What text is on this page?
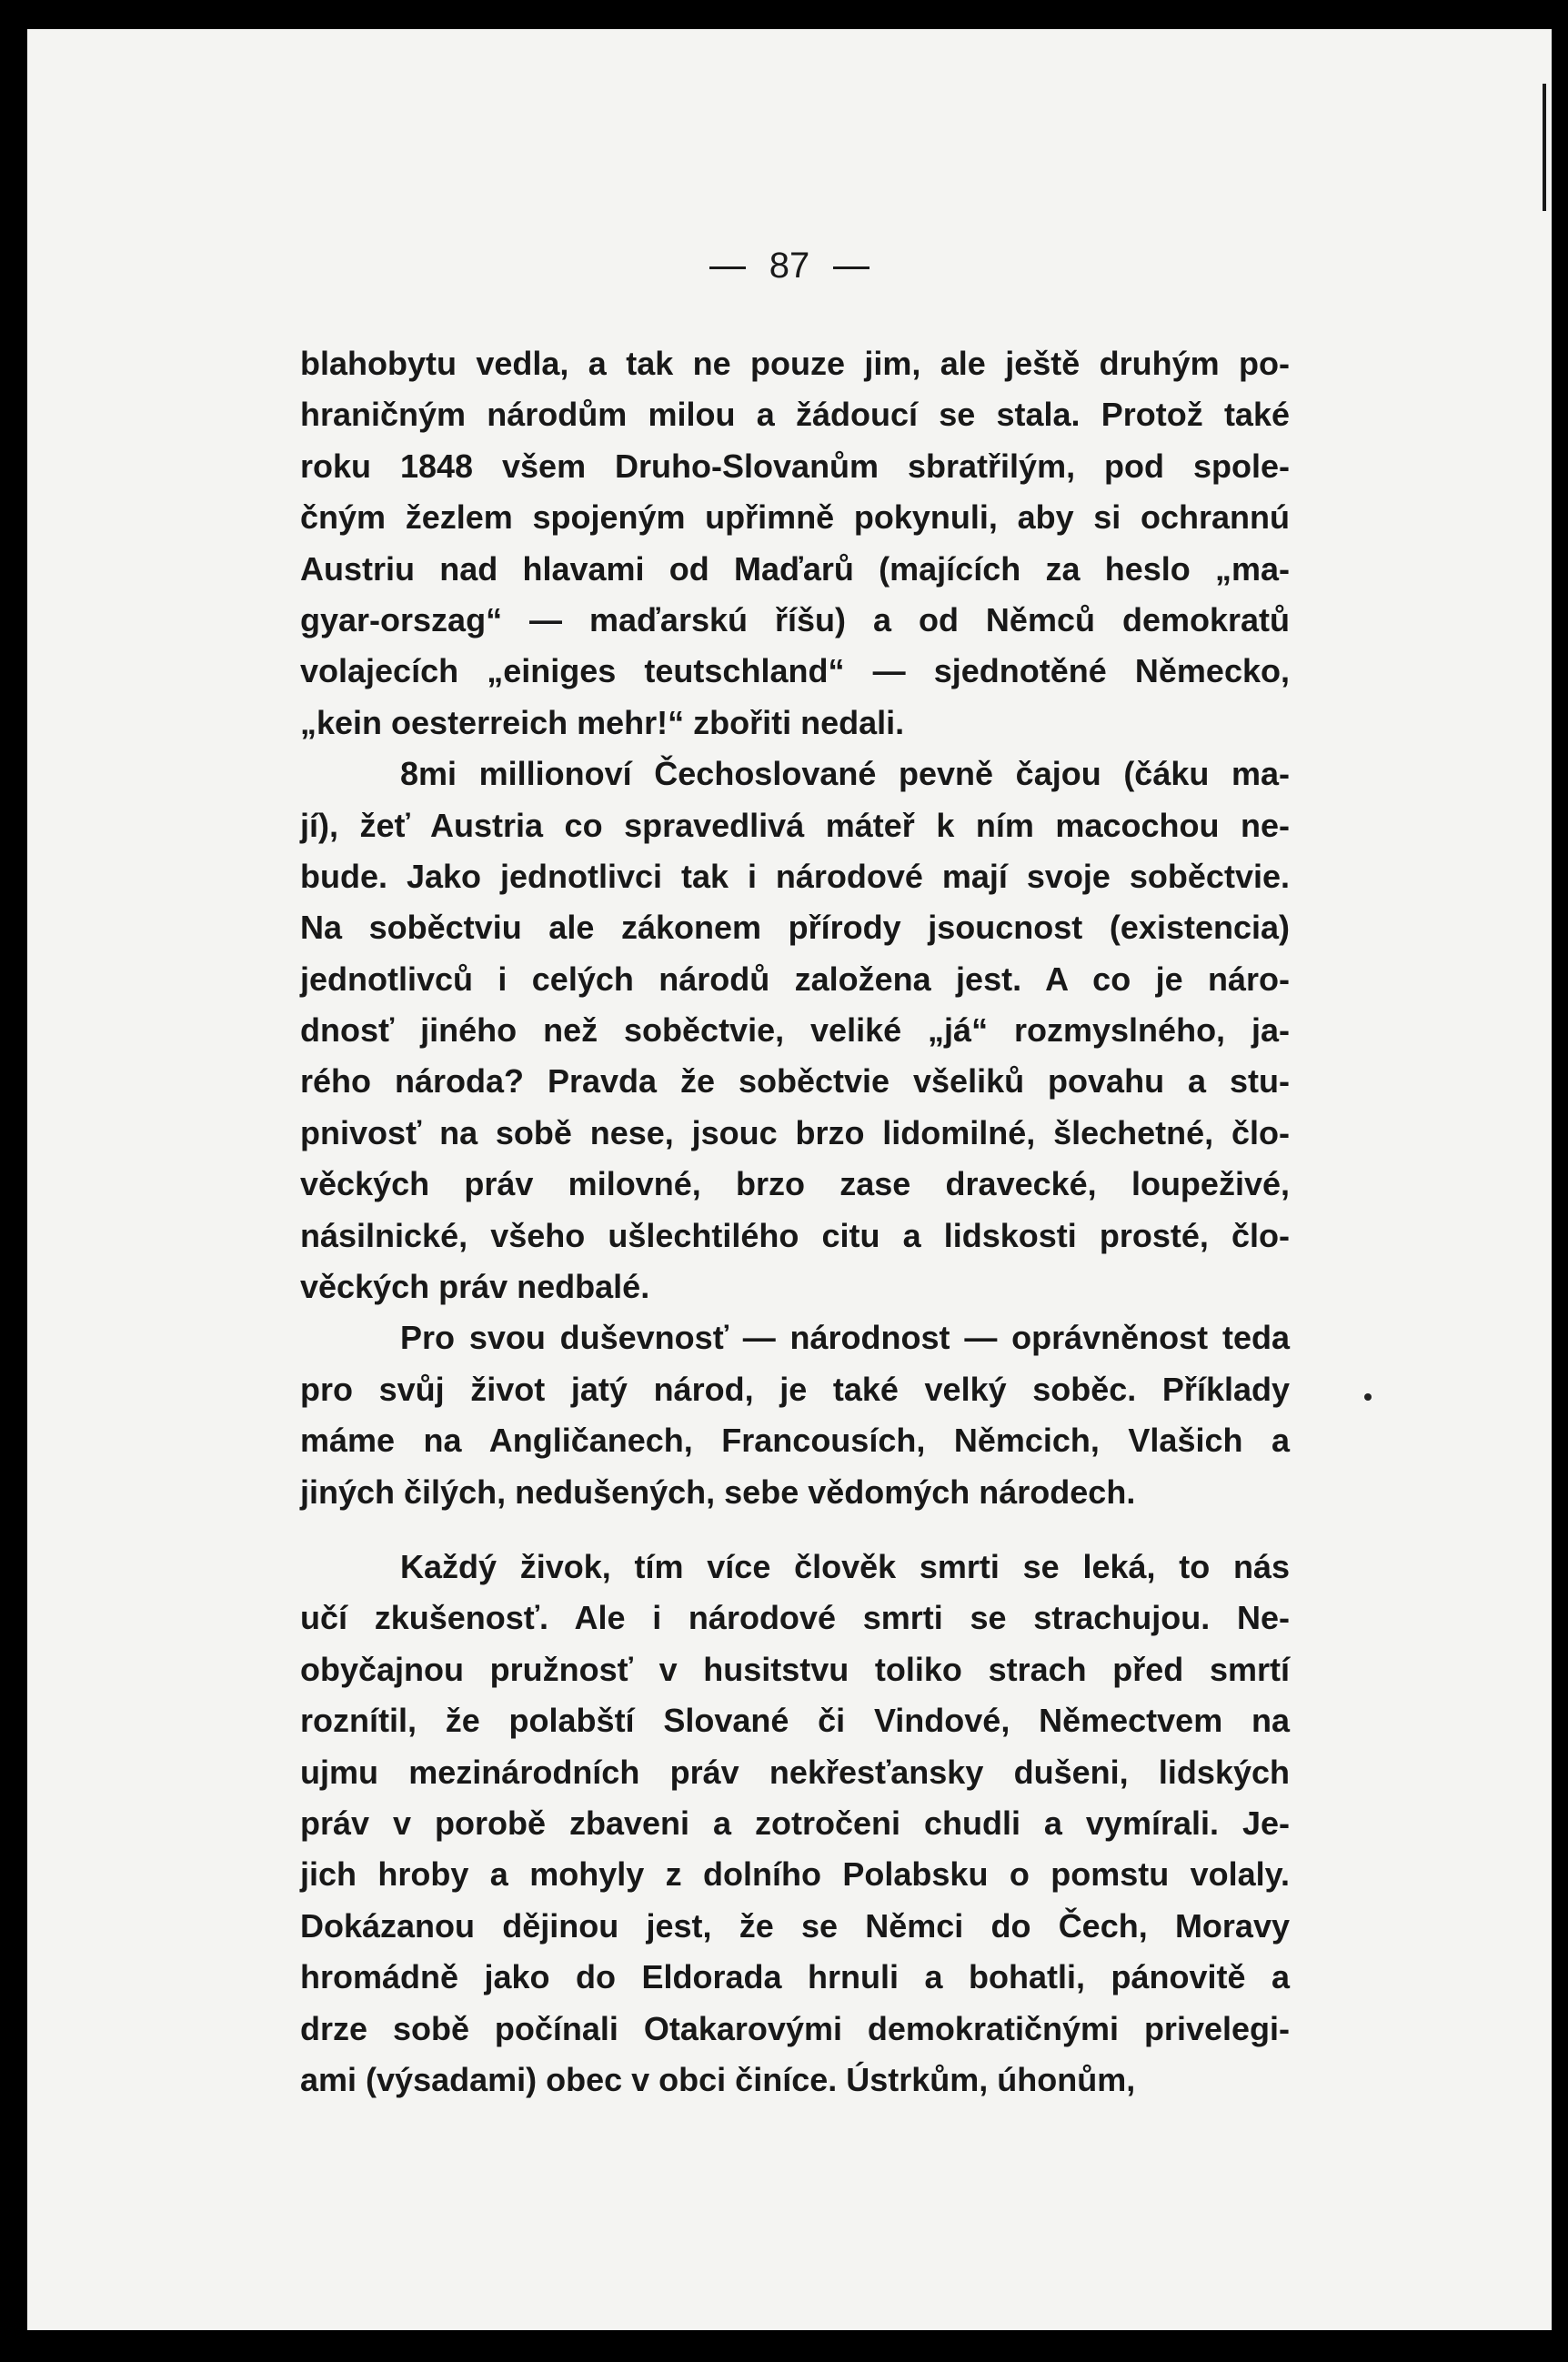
87
blahobytu vedla, a tak ne pouze jim, ale ještě druhým po-
hraničným národům milou a žádoucí se stala. Protož také
roku 1848 všem Druho-Slovanům sbratřilým, pod spole-
čným žezlem spojeným upřimně pokynuli, aby si ochrannú
Austriu nad hlavami od Maďarů (majících za heslo „ma-
gyar-orszag“ — maďarskú říšu) a od Němců demokratů
volajecích „einiges teutschland“ — sjednotěné Německo,
„kein oesterreich mehr!“ zbořiti nedali.
8mi millionoví Čechoslované pevně čajou (čáku ma-
jí), žeť Austria co spravedlivá máteř k ním macochou ne-
bude. Jako jednotlivci tak i národové mají svoje soběctvie.
Na soběctviu ale zákonem přírody jsoucnost (existencia)
jednotlivců i celých národů založena jest. A co je náro-
dnosť jiného než soběctvie, veliké „já“ rozmyslného, ja-
rého národa? Pravda že soběctvie všeliků povahu a stu-
pnivosť na sobě nese, jsouc brzo lidomilné, šlechetné, člo-
věckých práv milovné, brzo zase dravecké, loupeživé,
násilnické, všeho ušlechtilého citu a lidskosti prosté, člo-
věckých práv nedbalé.
Pro svou duševnosť — národnost — oprávněnost teda
pro svůj život jatý národ, je také velký soběc. Příklady
máme na Angličanech, Francousích, Němcich, Vlašich a
jiných čilých, nedušených, sebe vědomých národech.
Každý živok, tím více člověk smrti se leká, to nás
učí zkušenosť. Ale i národové smrti se strachujou. Ne-
obyčajnou pružnosť v husitstvu toliko strach před smrtí
roznítil, že polabští Slované či Vindové, Němectvem na
ujmu mezinárodních práv nekřesťansky dušeni, lidských
práv v porobě zbaveni a zotročeni chudli a vymírali. Je-
jich hroby a mohyly z dolního Polabsku o pomstu volaly.
Dokázanou dějinou jest, že se Němci do Čech, Moravy
hromádně jako do Eldorada hrnuli a bohatli, pánovitě a
drze sobě počínali Otakarovými demokratičnými privelegi-
ami (výsadami) obec v obci činíce. Ústrkům, úhonům,
